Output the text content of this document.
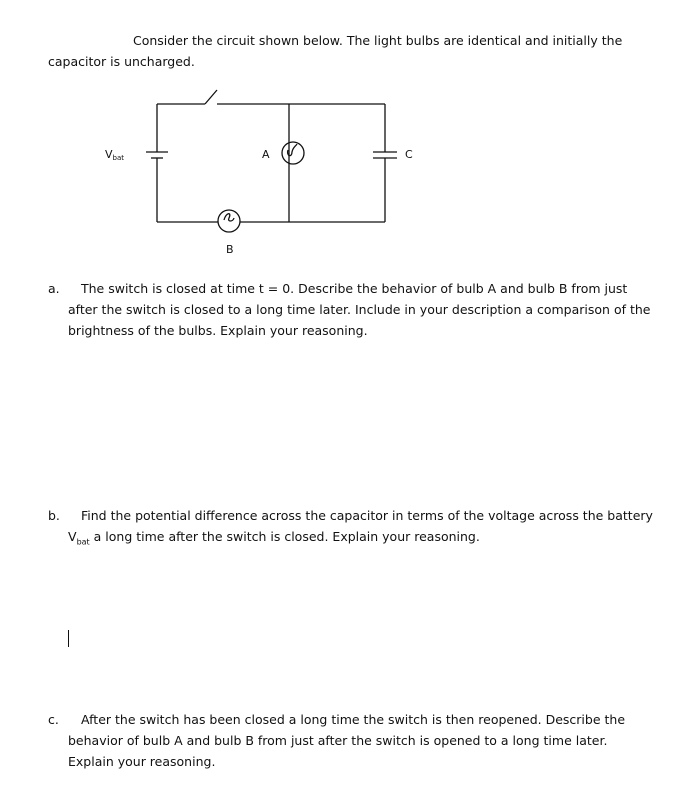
Consider the circuit shown below. The light bulbs are identical and initially the
capacitor is uncharged.
Vbat	A	C
B
a. The switch is closed at time t = 0. Describe the behavior of bulb A and bulb B from just
after the switch is closed to a long time later. Include in your description a comparison of the
brightness of the bulbs. Explain your reasoning.
b. Find the potential difference across the capacitor in terms of the voltage across the battery
$V_{bat}$ a long time after the switch is closed. Explain your reasoning.
c. After the switch has been closed a long time the switch is then reopened. Describe the
behavior of bulb A and bulb B from just after the switch is opened to a long time later.
Explain your reasoning.
